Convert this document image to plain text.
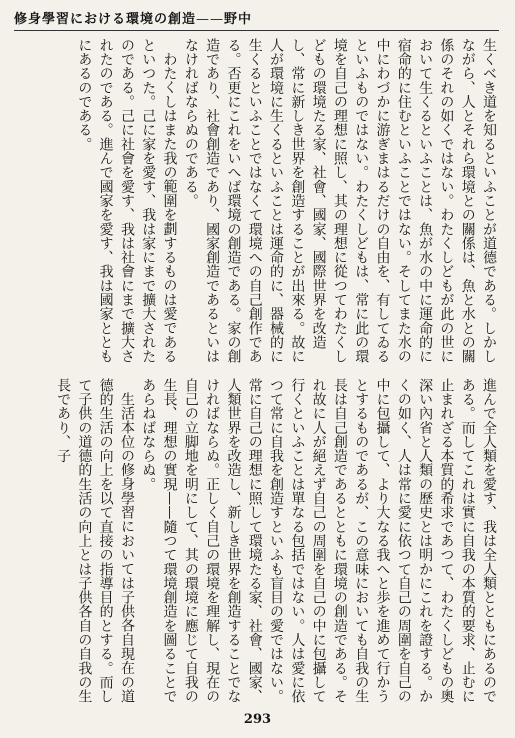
修身學習における環境の創造——野中

生くべき道を知るといふことが道德である。しかしながら、人とそれら環境との關係は、魚と水との關係のそれの如くではない。わたくしどもが此の世において生くるといふことは、魚が水の中に運命的に宿命的に住むといふことではない。そしてまた水の中にわづかに游ぎまはるだけの自由を、有してゐるといふものではない。わたくしどもは、常に此の環境を自己の理想に照し、其の理想に從つてわたくしどもの環境たる家、社會、國家、國際世界を改造し、常に新しき世界を創造することが出來る。故に人が環境に生くるといふことは運命的に、器械的に生くるといふことではなくて環境への自己創作である。否更にこれをいへば環境の創造である。家の創造であり、社會創造であり、國家創造であるといはなければならぬのである。

わたくしはまた我の範圍を劃するものは愛であるといつた。己に家を愛す、我は家にまで擴大されたのである。己に社會を愛す、我は社會にまで擴大されたのである。進んで國家を愛す、我は國家とともにあるのである。

進んで全人類を愛す、我は全人類とともにあるのである。而してこれは實に自我の本質的要求、止むに止まれざる本質的希求であつて、わたくしどもの奧深い內省と人類の歷史とは明かにこれを證する。かくの如く、人は常に愛に依つて自己の周圍を自己の中に包攝して、より大なる我へと歩を進めて行かうとするものであるが、この意味においても自我の生長は自己創造であるとともに環境の創造である。それ故に人が絕えず自己の周圍を自己の中に包攝して行くといふことは單なる包括ではない。人は愛に依つて常に自我を創造すといふも盲目の愛ではない。常に自己の理想に照して環境たる家、社會、國家、人類世界を改造し、新しき世界を創造することでなければならぬ。正しく自己の環境を理解し、現在の自己の立脚地を明にして、其の環境に應じて自我の生長、理想の實現——隨つて環境創造を圖ることであらねばならぬ。

生活本位の修身學習においては子供各自現在の道德的生活の向上を以て直接の指導目的とする。而して子供の道德的生活の向上とは子供各自の自我の生長であり、子

293
